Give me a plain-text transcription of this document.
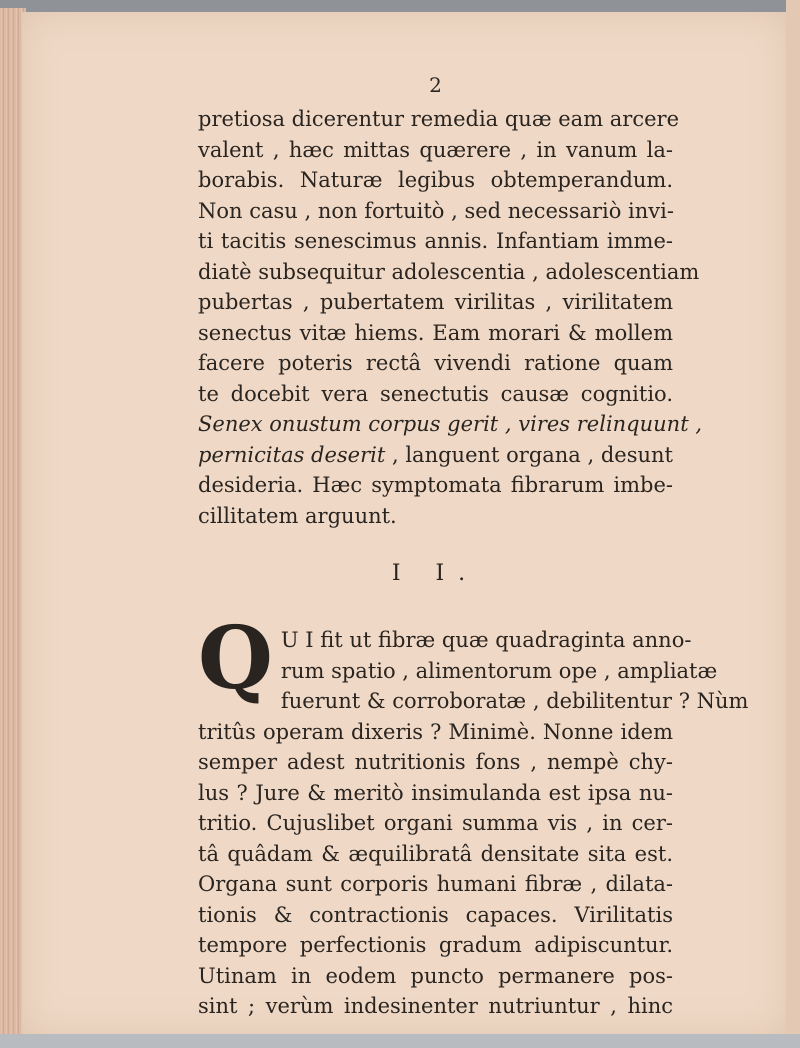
2
pretiosa dicerentur remedia quæ eam arcere
valent , hæc mittas quærere , in vanum la-
borabis. Naturæ legibus obtemperandum.
Non casu , non fortuitò , sed necessariò invi-
ti tacitis senescimus annis. Infantiam imme-
diatè subsequitur adolescentia , adolescentiam
pubertas , pubertatem virilitas , virilitatem
senectus vitæ hiems. Eam morari & mollem
facere poteris rectâ vivendi ratione quam
te docebit vera senectutis causæ cognitio.
Senex onustum corpus gerit , vires relinquunt ,
pernicitas deserit , languent organa , desunt
desideria. Hæc symptomata fibrarum imbe-
cillitatem arguunt.
I I.
Q U I fit ut fibræ quæ quadraginta anno-
rum spatio , alimentorum ope , ampliatæ
fuerunt & corroboratæ , debilitentur ? Nùm
tritûs operam dixeris ? Minimè. Nonne idem
semper adest nutritionis fons , nempè chy-
lus ? Jure & meritò insimulanda est ipsa nu-
tritio. Cujuslibet organi summa vis , in cer-
tâ quâdam & æquilibratâ densitate sita est.
Organa sunt corporis humani fibræ , dilata-
tionis & contractionis capaces. Virilitatis
tempore perfectionis gradum adipiscuntur.
Utinam in eodem puncto permanere pos-
sint ; verùm indesinenter nutriuntur , hinc
